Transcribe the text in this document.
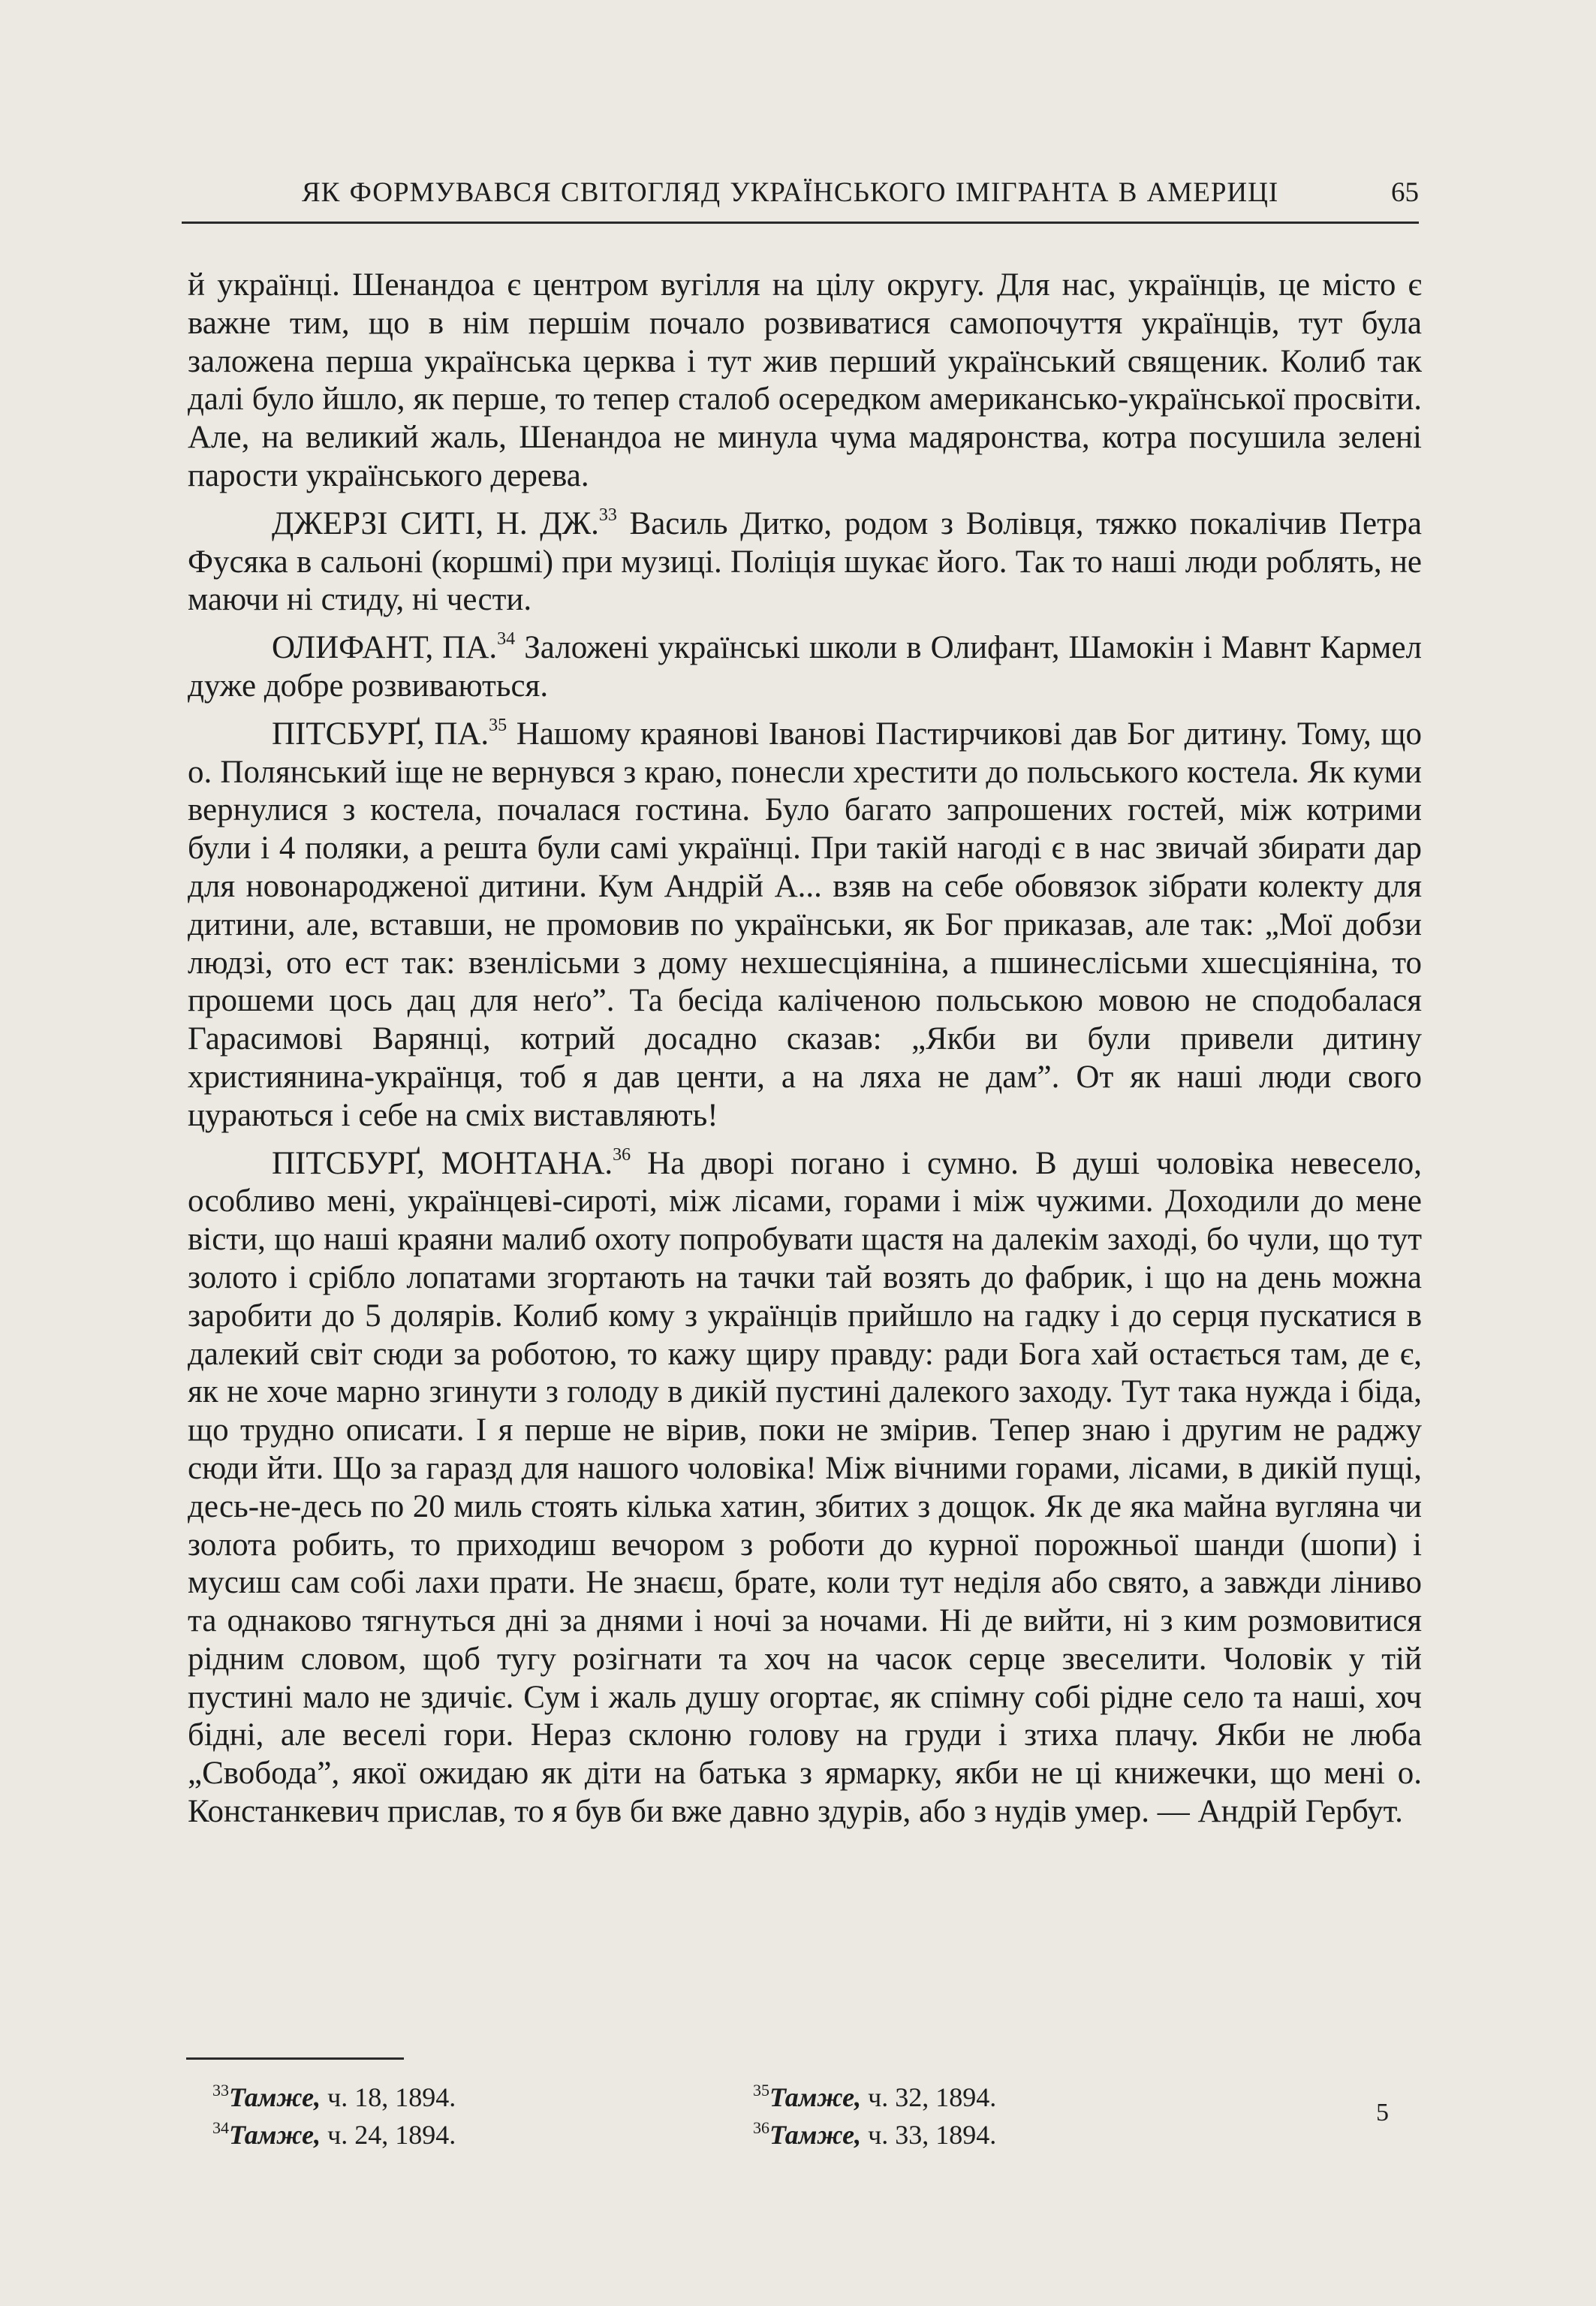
ЯК ФОРМУВАВСЯ СВІТОГЛЯД УКРАЇНСЬКОГО ІМІГРАНТА В АМЕРИЦІ	65

й українці. Шенандоа є центром вугілля на цілу округу. Для нас, українців, це місто є важне тим, що в нім першім почало розвиватися самопочуття українців, тут була заложена перша українська церква і тут жив перший український священик. Колиб так далі було йшло, як перше, то тепер сталоб осередком американсько-української просвіти. Але, на великий жаль, Шенандоа не минула чума мадяронства, котра посушила зелені парости українського дерева.

ДЖЕРЗІ СИТІ, Н. ДЖ.$^{33}$ Василь Дитко, родом з Волівця, тяжко покалічив Петра Фусяка в сальоні (коршмі) при музиці. Поліція шукає його. Так то наші люди роблять, не маючи ні стиду, ні чести.

ОЛИФАНТ, ПА.$^{34}$ Заложені українські школи в Олифант, Шамокін і Мавнт Кармел дуже добре розвиваються.

ПІТСБУРҐ, ПА.$^{35}$ Нашому краянові Іванові Пастирчикові дав Бог дитину. Тому, що о. Полянський іще не вернувся з краю, понесли хрестити до польського костела. Як куми вернулися з костела, почалася гостина. Було багато запрошених гостей, між котрими були і 4 поляки, а решта були самі українці. При такій нагоді є в нас звичай збирати дар для новонародженої дитини. Кум Андрій А... взяв на себе обовязок зібрати колекту для дитини, але, вставши, не промовив по українськи, як Бог приказав, але так: „Мої добзи людзі, ото ест так: взенлісьми з дому нехшесціяніна, а пшинеслісьми хшесціяніна, то прошеми цось дац для неґо”. Та бесіда каліченою польською мовою не сподобалася Гарасимові Варянці, котрий досадно сказав: „Якби ви були привели дитину християнина-українця, тоб я дав центи, а на ляха не дам”. От як наші люди свого цураються і себе на сміх виставляють!

ПІТСБУРҐ, МОНТАНА.$^{36}$ На дворі погано і сумно. В душі чоловіка невесело, особливо мені, українцеві-сироті, між лісами, горами і між чужими. Доходили до мене вісти, що наші краяни малиб охоту попробувати щастя на далекім заході, бо чули, що тут золото і срібло лопатами згортають на тачки тай возять до фабрик, і що на день можна заробити до 5 долярів. Колиб кому з українців прийшло на гадку і до серця пускатися в далекий світ сюди за роботою, то кажу щиру правду: ради Бога хай остається там, де є, як не хоче марно згинути з голоду в дикій пустині далекого заходу. Тут така нужда і біда, що трудно описати. І я перше не вірив, поки не змірив. Тепер знаю і другим не раджу сюди йти. Що за гаразд для нашого чоловіка! Між вічними горами, лісами, в дикій пущі, десь-не-десь по 20 миль стоять кілька хатин, збитих з дощок. Як де яка майна вугляна чи золота робить, то приходиш вечором з роботи до курної порожньої шанди (шопи) і мусиш сам собі лахи прати. Не знаєш, брате, коли тут неділя або свято, а завжди ліниво та однаково тягнуться дні за днями і ночі за ночами. Ні де вийти, ні з ким розмовитися рідним словом, щоб тугу розігнати та хоч на часок серце звеселити. Чоловік у тій пустині мало не здичіє. Сум і жаль душу огортає, як спімну собі рідне село та наші, хоч бідні, але веселі гори. Нераз склоню голову на груди і зтиха плачу. Якби не люба „Свобода”, якої ожидаю як діти на батька з ярмарку, якби не ці книжечки, що мені о. Констанкевич прислав, то я був би вже давно здурів, або з нудів умер. — Андрій Гербут.

$^{33}$Тамже, ч. 18, 1894.
$^{34}$Тамже, ч. 24, 1894.
$^{35}$Тамже, ч. 32, 1894.
$^{36}$Тамже, ч. 33, 1894.
5
